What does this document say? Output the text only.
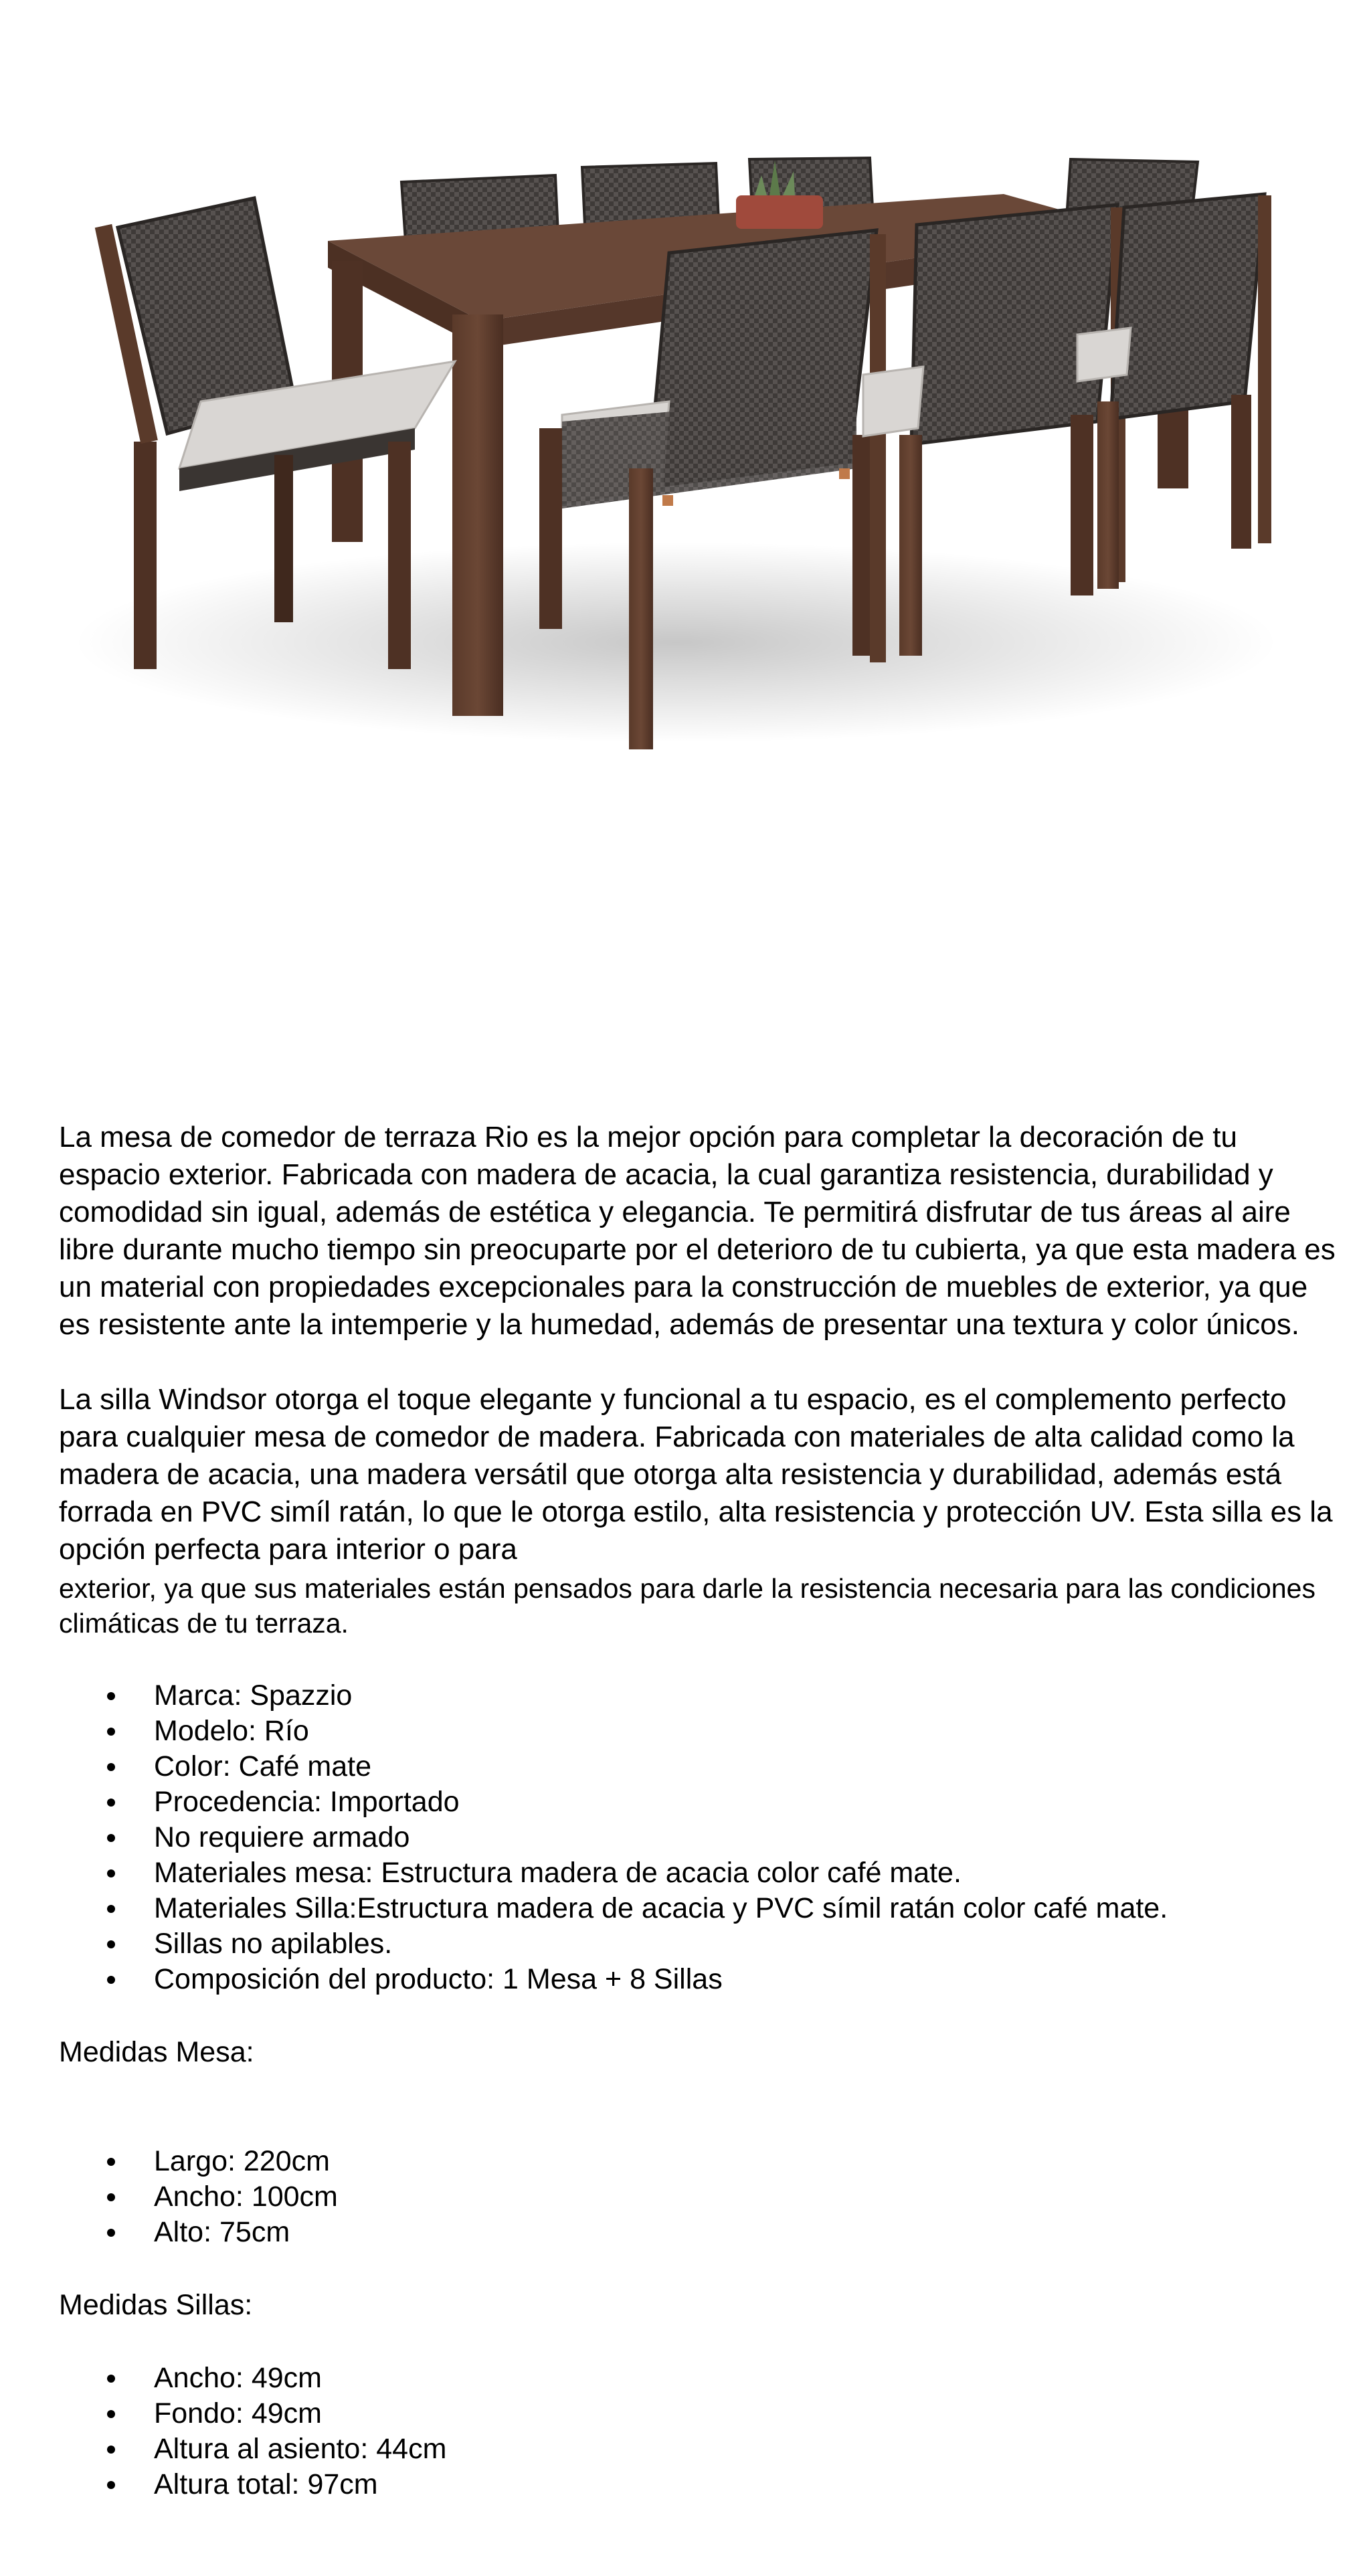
La mesa de comedor de terraza Rio es la mejor opción para completar la decoración de tu espacio exterior. Fabricada con madera de acacia, la cual garantiza resistencia, durabilidad y comodidad sin igual, además de estética y elegancia. Te permitirá disfrutar de tus áreas al aire libre durante mucho tiempo sin preocuparte por el deterioro de tu cubierta, ya que esta madera es un material con propiedades excepcionales para la construcción de muebles de exterior, ya que es resistente ante la intemperie y la humedad, además de presentar una textura y color únicos.

La silla Windsor otorga el toque elegante y funcional a tu espacio, es el complemento perfecto para cualquier mesa de comedor de madera. Fabricada con materiales de alta calidad como la madera de acacia, una madera versátil que otorga alta resistencia y durabilidad, además está forrada en PVC simíl ratán, lo que le otorga estilo, alta resistencia y protección UV. Esta silla es la opción perfecta para interior o para
exterior, ya que sus materiales están pensados para darle la resistencia necesaria para las condiciones climáticas de tu terraza.

Marca: Spazzio
Modelo: Río
Color: Café mate
Procedencia: Importado
No requiere armado
Materiales mesa: Estructura madera de acacia color café mate.
Materiales Silla:Estructura madera de acacia y PVC símil ratán color café mate.
Sillas no apilables.
Composición del producto: 1 Mesa + 8 Sillas

Medidas Mesa:

Largo: 220cm
Ancho: 100cm
Alto: 75cm

Medidas Sillas:

Ancho: 49cm
Fondo: 49cm
Altura al asiento: 44cm
Altura total: 97cm
